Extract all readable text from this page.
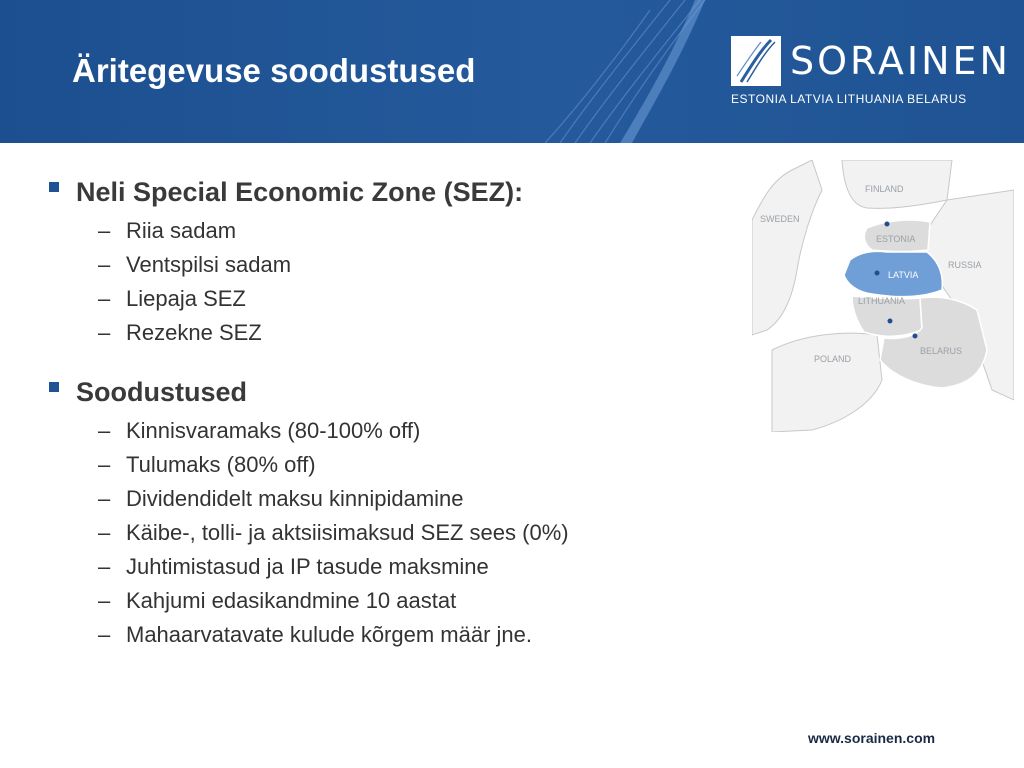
Äritegevuse soodustused	SORAINEN
ESTONIA LATVIA LITHUANIA BELARUS
Neli Special Economic Zone (SEZ):
– Riia sadam
– Ventspilsi sadam
– Liepaja SEZ
– Rezekne SEZ
Soodustused
– Kinnisvaramaks (80-100% off)
– Tulumaks (80% off)
– Dividendidelt maksu kinnipidamine
– Käibe-, tolli- ja aktsiisimaksud SEZ sees (0%)
– Juhtimistasud ja IP tasude maksmine
– Kahjumi edasikandmine 10 aastat
– Mahaarvatavate kulude kõrgem määr jne.
FINLAND
SWEDEN
ESTONIA
RUSSIA
LATVIA
LITHUANIA
BELARUS
POLAND
www.sorainen.com
